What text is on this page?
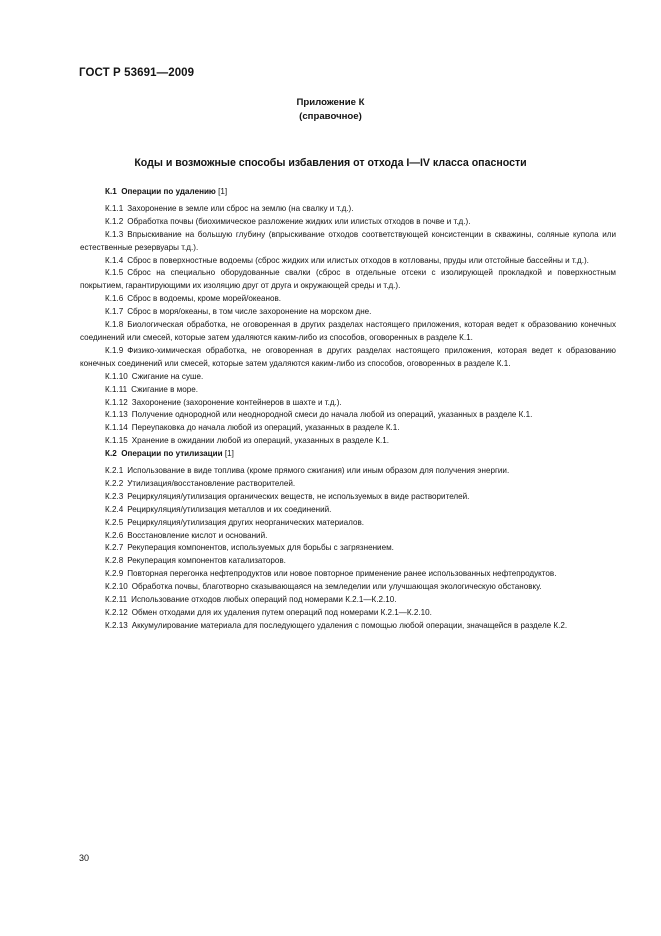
ГОСТ Р 53691—2009
Приложение К
(справочное)
Коды и возможные способы избавления от отхода I—IV класса опасности

К.1 Операции по удалению [1]

К.1.1 Захоронение в земле или сброс на землю (на свалку и т.д.).

К.1.2 Обработка почвы (биохимическое разложение жидких или илистых отходов в почве и т.д.).

К.1.3 Впрыскивание на большую глубину (впрыскивание отходов соответствующей консистенции в скважины, соляные купола или естественные резервуары т.д.).

К.1.4 Сброс в поверхностные водоемы (сброс жидких или илистых отходов в котлованы, пруды или отстойные бассейны и т.д.).

К.1.5 Сброс на специально оборудованные свалки (сброс в отдельные отсеки с изолирующей прокладкой и поверхностным покрытием, гарантирующими их изоляцию друг от друга и окружающей среды и т.д.).

К.1.6 Сброс в водоемы, кроме морей/океанов.

К.1.7 Сброс в моря/океаны, в том числе захоронение на морском дне.

К.1.8 Биологическая обработка, не оговоренная в других разделах настоящего приложения, которая ведет к образованию конечных соединений или смесей, которые затем удаляются каким-либо из способов, оговоренных в разделе К.1.

К.1.9 Физико-химическая обработка, не оговоренная в других разделах настоящего приложения, которая ведет к образованию конечных соединений или смесей, которые затем удаляются каким-либо из способов, оговоренных в разделе К.1.

К.1.10 Сжигание на суше.

К.1.11 Сжигание в море.

К.1.12 Захоронение (захоронение контейнеров в шахте и т.д.).

К.1.13 Получение однородной или неоднородной смеси до начала любой из операций, указанных в разделе К.1.

К.1.14 Переупаковка до начала любой из операций, указанных в разделе К.1.

К.1.15 Хранение в ожидании любой из операций, указанных в разделе К.1.

К.2 Операции по утилизации [1]

К.2.1 Использование в виде топлива (кроме прямого сжигания) или иным образом для получения энергии.

К.2.2 Утилизация/восстановление растворителей.

К.2.3 Рециркуляция/утилизация органических веществ, не используемых в виде растворителей.

К.2.4 Рециркуляция/утилизация металлов и их соединений.

К.2.5 Рециркуляция/утилизация других неорганических материалов.

К.2.6 Восстановление кислот и оснований.

К.2.7 Рекуперация компонентов, используемых для борьбы с загрязнением.

К.2.8 Рекуперация компонентов катализаторов.

К.2.9 Повторная перегонка нефтепродуктов или новое повторное применение ранее использованных нефтепродуктов.

К.2.10 Обработка почвы, благотворно сказывающаяся на земледелии или улучшающая экологическую обстановку.

К.2.11 Использование отходов любых операций под номерами К.2.1—К.2.10.

К.2.12 Обмен отходами для их удаления путем операций под номерами К.2.1—К.2.10.

К.2.13 Аккумулирование материала для последующего удаления с помощью любой операции, значащейся в разделе К.2.

30
